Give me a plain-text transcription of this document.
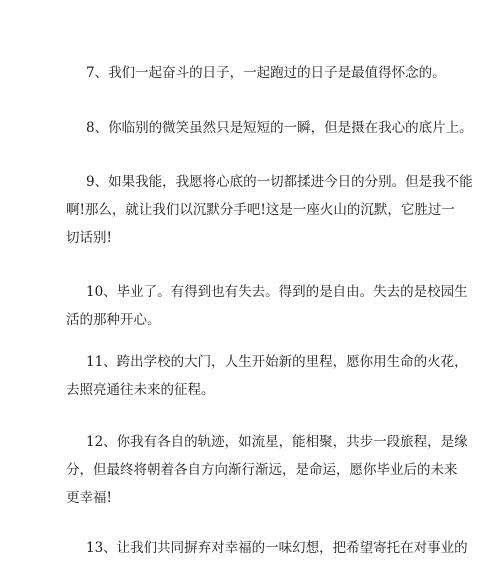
7、我们一起奋斗的日子，一起跑过的日子是最值得怀念的。
8、你临别的微笑虽然只是短短的一瞬，但是摄在我心的底片上。
9、如果我能，我愿将心底的一切都揉进今日的分别。但是我不能
啊!那么，就让我们以沉默分手吧!这是一座火山的沉默，它胜过一
切话别!
10、毕业了。有得到也有失去。得到的是自由。失去的是校园生
活的那种开心。
11、跨出学校的大门，人生开始新的里程，愿你用生命的火花，
去照亮通往未来的征程。
12、你我有各自的轨迹，如流星，能相聚，共步一段旅程，是缘
分，但最终将朝着各自方向渐行渐远，是命运，愿你毕业后的未来
更幸福!
13、让我们共同摒弃对幸福的一味幻想，把希望寄托在对事业的
